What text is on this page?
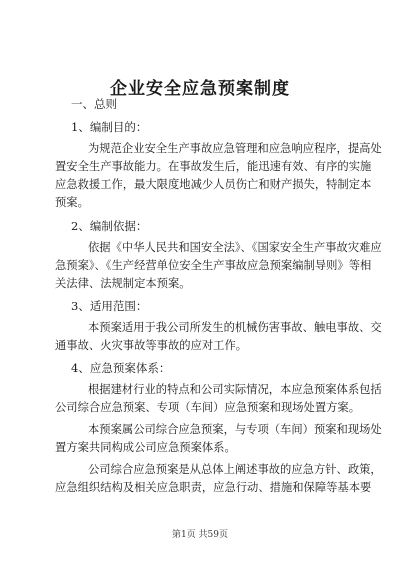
企业安全应急预案制度
一、总则
1、编制目的：
为规范企业安全生产事故应急管理和应急响应程序，提高处
置安全生产事故能力。在事故发生后，能迅速有效、有序的实施
应急救援工作，最大限度地减少人员伤亡和财产损失，特制定本
预案。
2、编制依据：
依据《中华人民共和国安全法》、《国家安全生产事故灾难应
急预案》、《生产经营单位安全生产事故应急预案编制导则》等相
关法律、法规制定本预案。
3、适用范围：
本预案适用于我公司所发生的机械伤害事故、触电事故、交
通事故、火灾事故等事故的应对工作。
4、应急预案体系：
根据建材行业的特点和公司实际情况，本应急预案体系包括
公司综合应急预案、专项（车间）应急预案和现场处置方案。
本预案属公司综合应急预案，与专项（车间）预案和现场处
置方案共同构成公司应急预案体系。
公司综合应急预案是从总体上阐述事故的应急方针、政策，
应急组织结构及相关应急职责，应急行动、措施和保障等基本要
第1页 共59页
